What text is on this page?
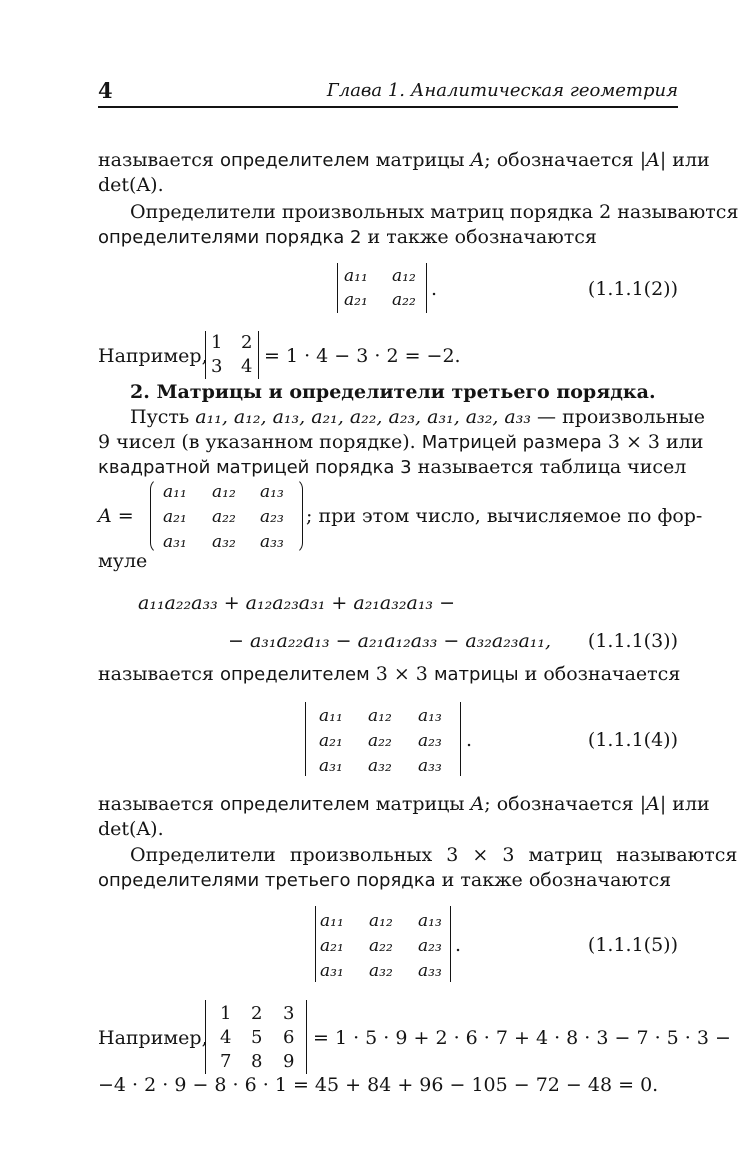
4	Глава 1. Аналитическая геометрия
называется определителем матрицы A; обозначается |A| или
det(A).
Определители произвольных матриц порядка 2 называются
определителями порядка 2 и также обозначаются
a₁₁ a₁₂
a₂₁ a₂₂ .	(1.1.1(2))
Например,
1 2
3 4 = 1 · 4 − 3 · 2 = −2.
2. Матрицы и определители третьего порядка.
Пусть a₁₁, a₁₂, a₁₃, a₂₁, a₂₂, a₂₃, a₃₁, a₃₂, a₃₃ — произвольные
9 чисел (в указанном порядке). Матрицей размера 3 × 3 или
квадратной матрицей порядка 3 называется таблица чисел
A =
a₁₁ a₁₂ a₁₃
a₂₁ a₂₂ a₂₃
a₃₁ a₃₂ a₃₃
; при этом число, вычисляемое по фор-
муле
a₁₁a₂₂a₃₃ + a₁₂a₂₃a₃₁ + a₂₁a₃₂a₁₃ −
− a₃₁a₂₂a₁₃ − a₂₁a₁₂a₃₃ − a₃₂a₂₃a₁₁, (1.1.1(3))
называется определителем 3 × 3 матрицы и обозначается
a₁₁ a₁₂ a₁₃
a₂₁ a₂₂ a₂₃
a₃₁ a₃₂ a₃₃
.	(1.1.1(4))
называется определителем матрицы A; обозначается |A| или
det(A).
Определители произвольных 3 × 3 матриц называются
определителями третьего порядка и также обозначаются
a₁₁ a₁₂ a₁₃
a₂₁ a₂₂ a₂₃
a₃₁ a₃₂ a₃₃
.	(1.1.1(5))
Например,
1 2 3
4 5 6
7 8 9
= 1 · 5 · 9 + 2 · 6 · 7 + 4 · 8 · 3 − 7 · 5 · 3 −
−4 · 2 · 9 − 8 · 6 · 1 = 45 + 84 + 96 − 105 − 72 − 48 = 0.
